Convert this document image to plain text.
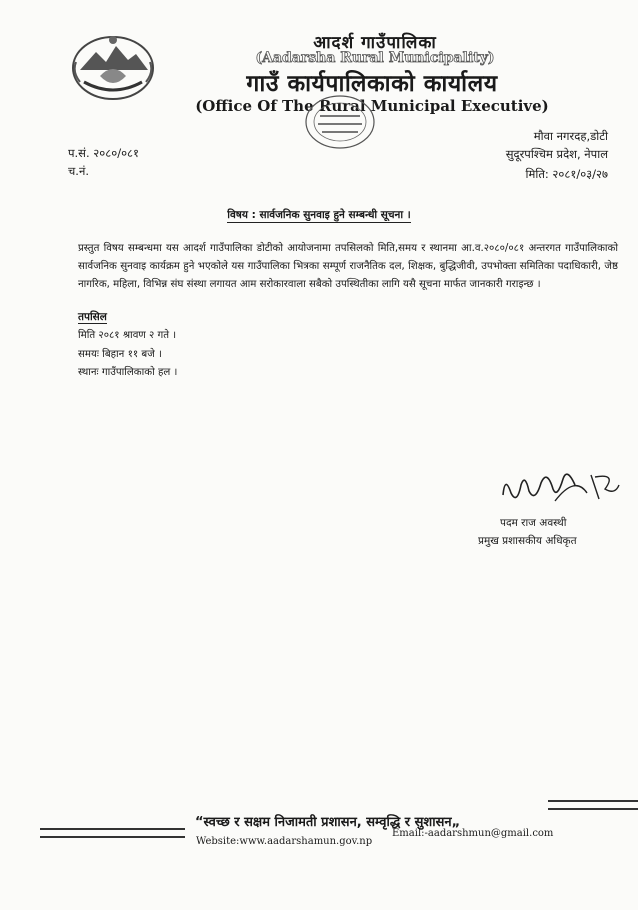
आदर्श गाउँपालिका
(Aadarsha Rural Municipality)
गाउँ कार्यपालिकाको कार्यालय
(Office Of The Rural Municipal Executive)
प.सं. २०८०/०८१
च.नं.
मौवा नगरदह,डोटी
सुदूरपश्चिम प्रदेश, नेपाल
मिति: २०८१/०३/२७
विषय : सार्वजनिक सुनवाइ हुने सम्बन्धी सूचना ।
प्रस्तुत विषय सम्बन्धमा यस आदर्श गाउँपालिका डोटीको आयोजनामा तपसिलको मिति,समय र स्थानमा आ.व.२०८०/०८१ अन्तरगत गाउँपालिकाको सार्वजनिक सुनवाइ कार्यक्रम हुने भएकोले यस गाउँपालिका भित्रका सम्पूर्ण राजनैतिक दल, शिक्षक, बुद्धिजीवी, उपभोक्ता समितिका पदाधिकारी, जेष्ठ नागरिक, महिला, विभिन्न संघ संस्था लगायत आम सरोकारवाला सबैको उपस्थितीका लागि यसै सूचना मार्फत जानकारी गराइन्छ ।
तपसिल
मिति २०८१ श्रावण २ गते ।
समयः बिहान ११ बजे ।
स्थानः गाउँपालिकाको हल ।
पदम राज अवस्थी
प्रमुख प्रशासकीय अधिकृत
“स्वच्छ र सक्षम निजामती प्रशासन, सम्वृद्धि र सुशासन„
Website:www.aadarshamun.gov.np
Email:-aadarshmun@gmail.com
